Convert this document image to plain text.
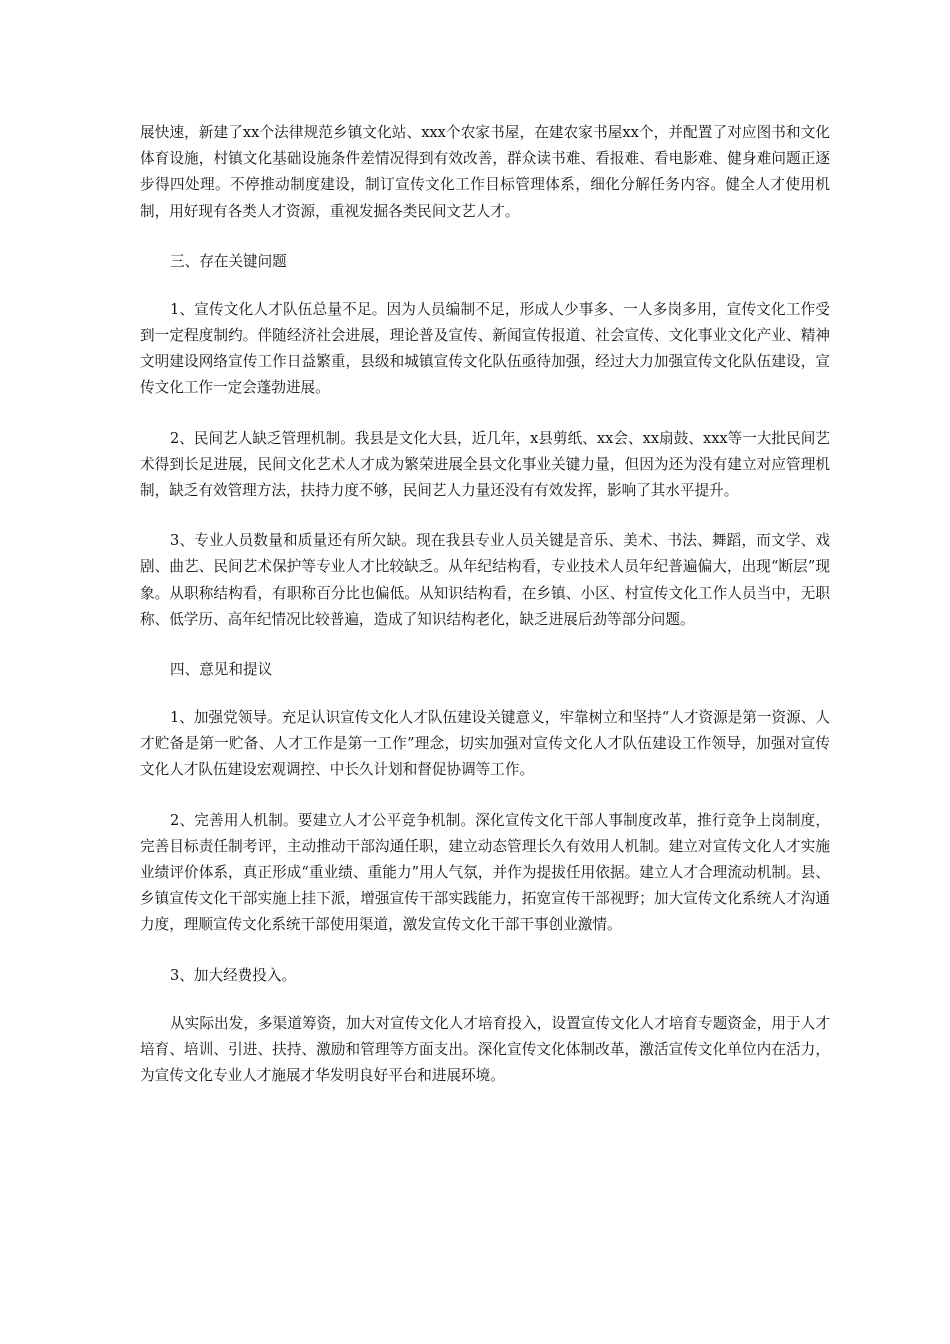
展快速，新建了xx个法律规范乡镇文化站、xxx个农家书屋，在建农家书屋xx个，并配置了对应图书和文化体育设施，村镇文化基础设施条件差情况得到有效改善，群众读书难、看报难、看电影难、健身难问题正逐步得四处理。不停推动制度建设，制订宣传文化工作目标管理体系，细化分解任务内容。健全人才使用机制，用好现有各类人才资源，重视发掘各类民间文艺人才。

三、存在关键问题

1、宣传文化人才队伍总量不足。因为人员编制不足，形成人少事多、一人多岗多用，宣传文化工作受到一定程度制约。伴随经济社会进展，理论普及宣传、新闻宣传报道、社会宣传、文化事业文化产业、精神文明建设网络宣传工作日益繁重，县级和城镇宣传文化队伍亟待加强，经过大力加强宣传文化队伍建设，宣传文化工作一定会蓬勃进展。

2、民间艺人缺乏管理机制。我县是文化大县，近几年，x县剪纸、xx会、xx扇鼓、xxx等一大批民间艺术得到长足进展，民间文化艺术人才成为繁荣进展全县文化事业关键力量，但因为还为没有建立对应管理机制，缺乏有效管理方法，扶持力度不够，民间艺人力量还没有有效发挥，影响了其水平提升。

3、专业人员数量和质量还有所欠缺。现在我县专业人员关键是音乐、美术、书法、舞蹈，而文学、戏剧、曲艺、民间艺术保护等专业人才比较缺乏。从年纪结构看，专业技术人员年纪普遍偏大，出现“断层”现象。从职称结构看，有职称百分比也偏低。从知识结构看，在乡镇、小区、村宣传文化工作人员当中，无职称、低学历、高年纪情况比较普遍，造成了知识结构老化，缺乏进展后劲等部分问题。

四、意见和提议

1、加强党领导。充足认识宣传文化人才队伍建设关键意义，牢靠树立和坚持“人才资源是第一资源、人才贮备是第一贮备、人才工作是第一工作”理念，切实加强对宣传文化人才队伍建设工作领导，加强对宣传文化人才队伍建设宏观调控、中长久计划和督促协调等工作。

2、完善用人机制。要建立人才公平竞争机制。深化宣传文化干部人事制度改革，推行竞争上岗制度，完善目标责任制考评，主动推动干部沟通任职，建立动态管理长久有效用人机制。建立对宣传文化人才实施业绩评价体系，真正形成“重业绩、重能力”用人气氛，并作为提拔任用依据。建立人才合理流动机制。县、乡镇宣传文化干部实施上挂下派，增强宣传干部实践能力，拓宽宣传干部视野；加大宣传文化系统人才沟通力度，理顺宣传文化系统干部使用渠道，激发宣传文化干部干事创业激情。

3、加大经费投入。

从实际出发，多渠道筹资，加大对宣传文化人才培育投入，设置宣传文化人才培育专题资金，用于人才培育、培训、引进、扶持、激励和管理等方面支出。深化宣传文化体制改革，激活宣传文化单位内在活力，为宣传文化专业人才施展才华发明良好平台和进展环境。
